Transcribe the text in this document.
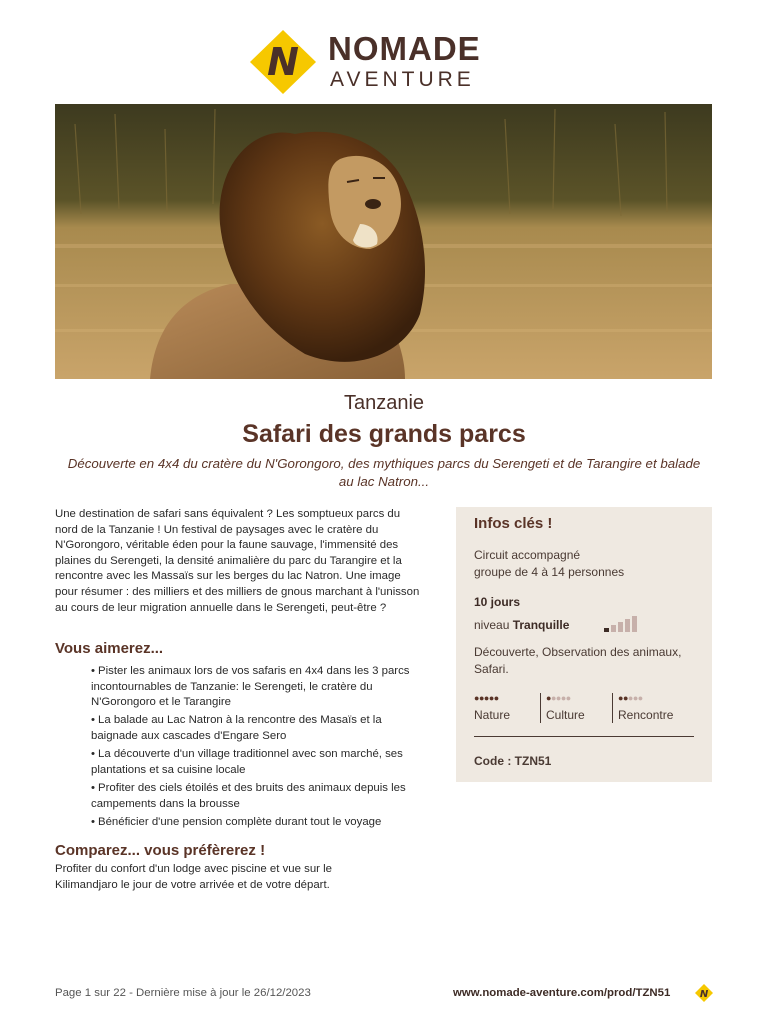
N NOMADE
AVENTURE
Tanzanie
Safari des grands parcs
Découverte en 4x4 du cratère du N'Gorongoro, des mythiques parcs du Serengeti et de Tarangire et balade au lac Natron...
Une destination de safari sans équivalent ? Les somptueux parcs du nord de la Tanzanie ! Un festival de paysages avec le cratère du N'Gorongoro, véritable éden pour la faune sauvage, l'immensité des plaines du Serengeti, la densité animalière du parc du Tarangire et la rencontre avec les Massaïs sur les berges du lac Natron. Une image pour résumer : des milliers et des milliers de gnous marchant à l'unisson au cours de leur migration annuelle dans le Serengeti, peut-être ?
Vous aimerez...
• Pister les animaux lors de vos safaris en 4x4 dans les 3 parcs incontournables de Tanzanie: le Serengeti, le cratère du N'Gorongoro et le Tarangire
• La balade au Lac Natron à la rencontre des Masaïs et la baignade aux cascades d'Engare Sero
• La découverte d'un village traditionnel avec son marché, ses plantations et sa cuisine locale
• Profiter des ciels étoilés et des bruits des animaux depuis les campements dans la brousse
• Bénéficier d'une pension complète durant tout le voyage
Comparez... vous préfèrerez !
Profiter du confort d'un lodge avec piscine et vue sur le Kilimandjaro le jour de votre arrivée et de votre départ.
Infos clés !
Circuit accompagné
groupe de 4 à 14 personnes
10 jours
niveau Tranquille
Découverte, Observation des animaux, Safari.
●●●●●
Nature
●●●●●
Culture
●●●●●
Rencontre
Code : TZN51
Page 1 sur 22 - Dernière mise à jour le 26/12/2023	www.nomade-aventure.com/prod/TZN51	N
